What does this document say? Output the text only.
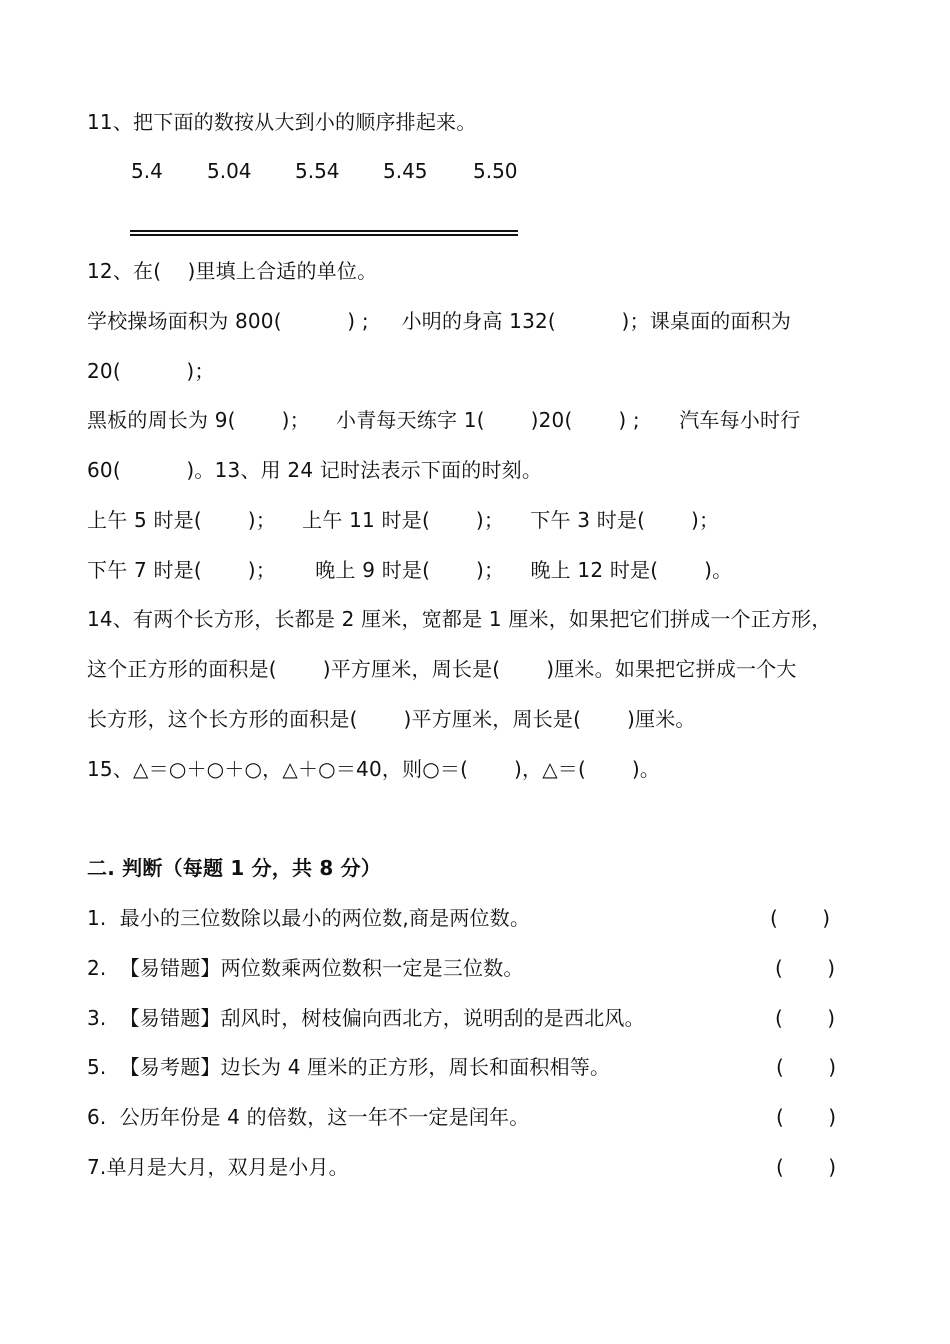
11、把下面的数按从大到小的顺序排起来。
5.4 5.04 5.54 5.45 5.50
12、在(    )里填上合适的单位。
学校操场面积为 800(          ) ;     小明的身高 132(          )；课桌面的面积为
20(          )；
黑板的周长为 9(       )；    小青每天练字 1(       )20(       ) ;      汽车每小时行
60(          )。13、用 24 记时法表示下面的时刻。
上午 5 时是(       )；    上午 11 时是(       )；    下午 3 时是(       )；
下午 7 时是(       )；      晚上 9 时是(       )；    晚上 12 时是(       )。
14、有两个长方形，长都是 2 厘米，宽都是 1 厘米，如果把它们拼成一个正方形，
这个正方形的面积是(       )平方厘米，周长是(       )厘米。如果把它拼成一个大
长方形，这个长方形的面积是(       )平方厘米，周长是(       )厘米。
15、△＝○＋○＋○，△＋○＝40，则○＝(       )，△＝(       )。
二. 判断（每题 1 分，共 8 分）
1.  最小的三位数除以最小的两位数,商是两位数。	(       )
2.  【易错题】两位数乘两位数积一定是三位数。	(       )
3.  【易错题】刮风时，树枝偏向西北方，说明刮的是西北风。	(       )
5.  【易考题】边长为 4 厘米的正方形，周长和面积相等。	(       )
6.  公历年份是 4 的倍数，这一年不一定是闰年。	(       )
7.单月是大月，双月是小月。	(       )
